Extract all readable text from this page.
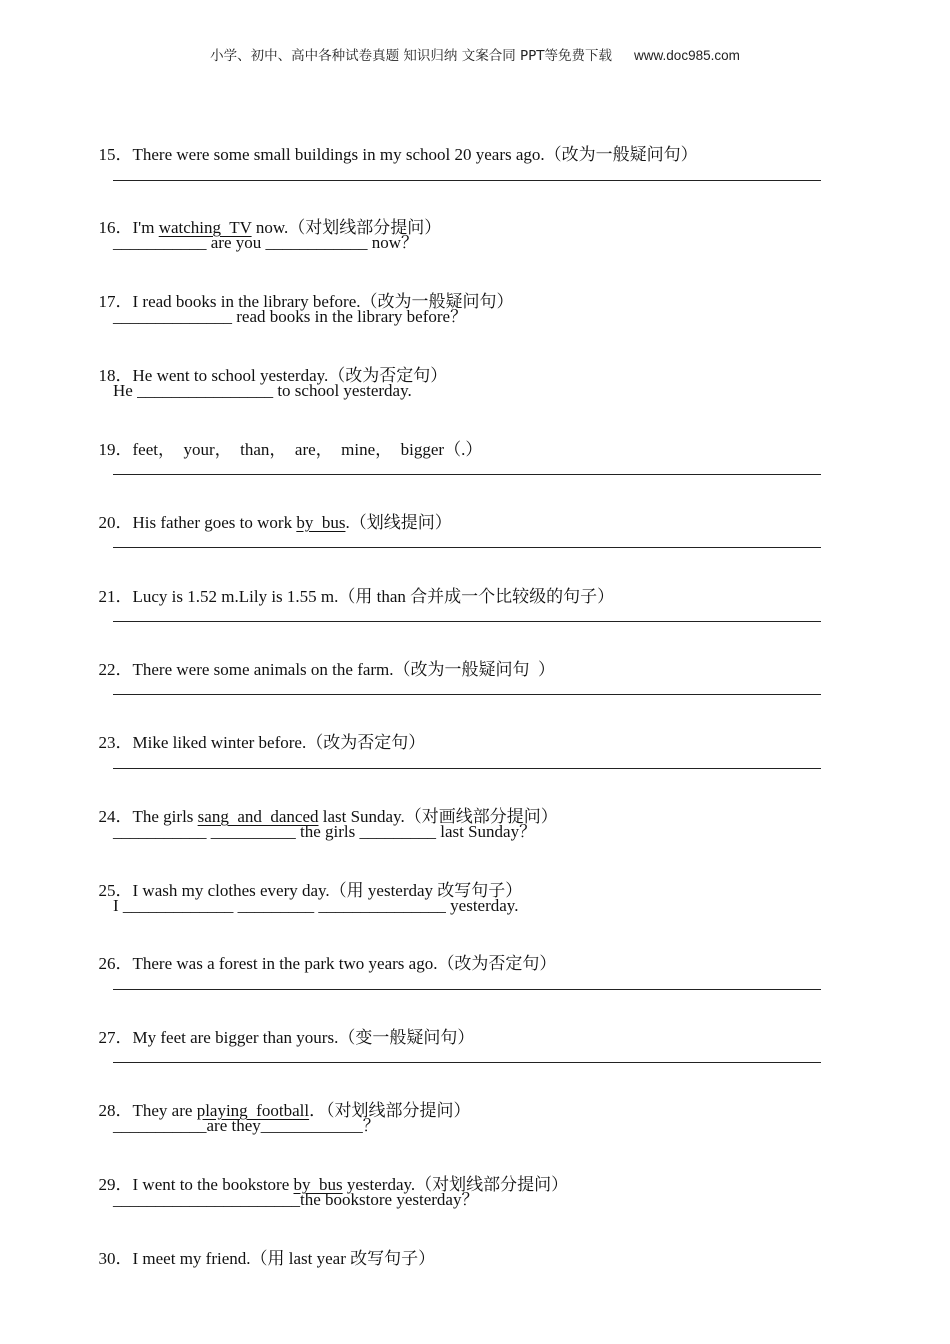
小学、初中、高中各种试卷真题 知识归纳 文案合同 PPT等免费下载 www.doc985.com

15．There were some small buildings in my school 20 years ago.（改为一般疑问句）

16．I'm watching  TV now.（对划线部分提问）

___________ are you ____________ now？

17．I read books in the library before.（改为一般疑问句）

______________ read books in the library before？

18．He went to school yesterday.（改为否定句）

He ________________ to school yesterday.

19．feet，  your，  than，  are，  mine，  bigger（.）

20．His father goes to work by  bus.（划线提问）

21．Lucy is 1.52 m.Lily is 1.55 m.（用 than 合并成一个比较级的句子）

22．There were some animals on the farm.（改为一般疑问句  ）

23．Mike liked winter before.（改为否定句）

24．The girls sang  and  danced last Sunday.（对画线部分提问）

___________ __________ the girls _________ last Sunday？

25．I wash my clothes every day.（用 yesterday 改写句子）

I _____________ _________ _______________ yesterday.

26．There was a forest in the park two years ago.（改为否定句）

27．My feet are bigger than yours.（变一般疑问句）

28．They are playing  football．（对划线部分提问）

___________are they____________？

29．I went to the bookstore by  bus yesterday.（对划线部分提问）

______________________the bookstore yesterday？

30．I meet my friend.（用 last year 改写句子）
